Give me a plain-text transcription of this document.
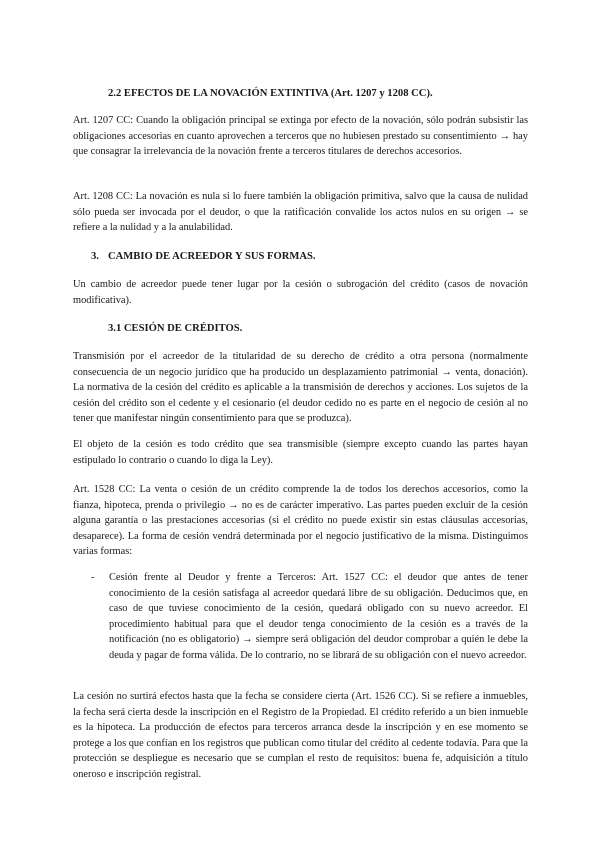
2.2 EFECTOS DE LA NOVACIÓN EXTINTIVA (Art. 1207 y 1208 CC).

Art. 1207 CC: Cuando la obligación principal se extinga por efecto de la novación, sólo podrán subsistir las obligaciones accesorias en cuanto aprovechen a terceros que no hubiesen prestado su consentimiento → hay que consagrar la irrelevancia de la novación frente a terceros titulares de derechos accesorios.

Art. 1208 CC: La novación es nula si lo fuere también la obligación primitiva, salvo que la causa de nulidad sólo pueda ser invocada por el deudor, o que la ratificación convalide los actos nulos en su origen → se refiere a la nulidad y a la anulabilidad.

3. CAMBIO DE ACREEDOR Y SUS FORMAS.

Un cambio de acreedor puede tener lugar por la cesión o subrogación del crédito (casos de novación modificativa).

3.1 CESIÓN DE CRÉDITOS.

Transmisión por el acreedor de la titularidad de su derecho de crédito a otra persona (normalmente consecuencia de un negocio jurídico que ha producido un desplazamiento patrimonial → venta, donación). La normativa de la cesión del crédito es aplicable a la transmisión de derechos y acciones. Los sujetos de la cesión del crédito son el cedente y el cesionario (el deudor cedido no es parte en el negocio de cesión al no tener que manifestar ningún consentimiento para que se produzca).

El objeto de la cesión es todo crédito que sea transmisible (siempre excepto cuando las partes hayan estipulado lo contrario o cuando lo diga la Ley).

Art. 1528 CC: La venta o cesión de un crédito comprende la de todos los derechos accesorios, como la fianza, hipoteca, prenda o privilegio → no es de carácter imperativo. Las partes pueden excluir de la cesión alguna garantía o las prestaciones accesorias (si el crédito no puede existir sin estas cláusulas accesorias, desaparece). La forma de cesión vendrá determinada por el negocio justificativo de la misma. Distinguimos varias formas:

- Cesión frente al Deudor y frente a Terceros: Art. 1527 CC: el deudor que antes de tener conocimiento de la cesión satisfaga al acreedor quedará libre de su obligación. Deducimos que, en caso de que tuviese conocimiento de la cesión, quedará obligado con su nuevo acreedor. El procedimiento habitual para que el deudor tenga conocimiento de la cesión es a través de la notificación (no es obligatorio) → siempre será obligación del deudor comprobar a quién le debe la deuda y pagar de forma válida. De lo contrario, no se librará de su obligación con el nuevo acreedor.

La cesión no surtirá efectos hasta que la fecha se considere cierta (Art. 1526 CC). Si se refiere a inmuebles, la fecha será cierta desde la inscripción en el Registro de la Propiedad. El crédito referido a un bien inmueble es la hipoteca. La producción de efectos para terceros arranca desde la inscripción y en ese momento se protege a los que confían en los registros que publican como titular del crédito al cedente todavía. Para que la protección se despliegue es necesario que se cumplan el resto de requisitos: buena fe, adquisición a título oneroso e inscripción registral.
